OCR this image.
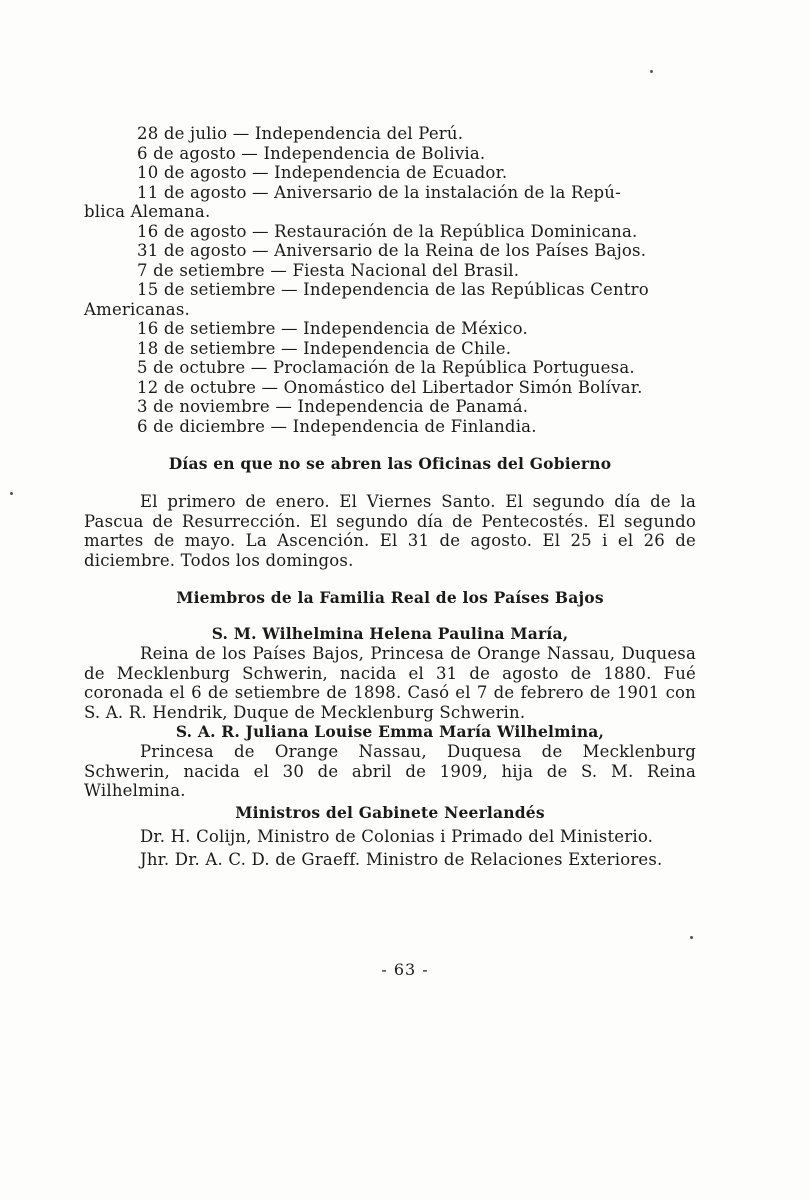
28 de julio — Independencia del Perú.

6 de agosto — Independencia de Bolivia.

10 de agosto — Independencia de Ecuador.

11 de agosto — Aniversario de la instalación de la Repú-
blica Alemana.

16 de agosto — Restauración de la República Dominicana.

31 de agosto — Aniversario de la Reina de los Países Bajos.

7 de setiembre — Fiesta Nacional del Brasil.

15 de setiembre — Independencia de las Repúblicas Centro
Americanas.

16 de setiembre — Independencia de México.

18 de setiembre — Independencia de Chile.

5 de octubre — Proclamación de la República Portuguesa.

12 de octubre — Onomástico del Libertador Simón Bolívar.

3 de noviembre — Independencia de Panamá.

6 de diciembre — Independencia de Finlandia.

Días en que no se abren las Oficinas del Gobierno

El primero de enero. El Viernes Santo. El segundo día de la Pascua de Resurrección. El segundo día de Pentecostés. El segundo martes de mayo. La Ascención. El 31 de agosto. El 25 i el 26 de diciembre. Todos los domingos.

Miembros de la Familia Real de los Países Bajos

S. M. Wilhelmina Helena Paulina María,

Reina de los Países Bajos, Princesa de Orange Nassau, Duquesa de Mecklenburg Schwerin, nacida el 31 de agosto de 1880. Fué coronada el 6 de setiembre de 1898. Casó el 7 de febrero de 1901 con S. A. R. Hendrik, Duque de Mecklenburg Schwerin.

S. A. R. Juliana Louise Emma María Wilhelmina,

Princesa de Orange Nassau, Duquesa de Mecklenburg Schwerin, nacida el 30 de abril de 1909, hija de S. M. Reina Wilhelmina.

Ministros del Gabinete Neerlandés

Dr. H. Colijn, Ministro de Colonias i Primado del Ministerio.

Jhr. Dr. A. C. D. de Graeff. Ministro de Relaciones Exteriores.

- 63 -
